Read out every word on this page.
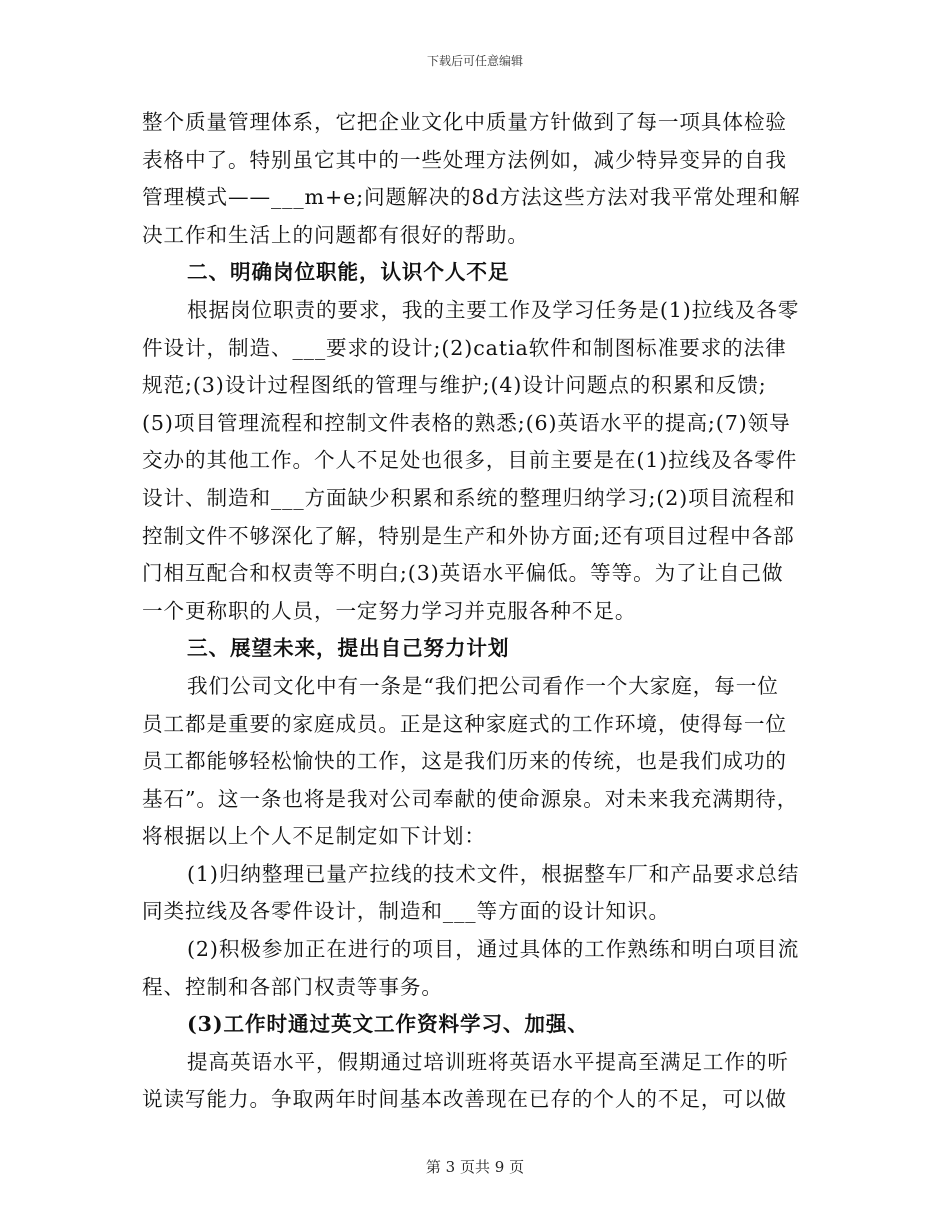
下载后可任意编辑
整个质量管理体系，它把企业文化中质量方针做到了每一项具体检验
表格中了。特别虽它其中的一些处理方法例如，减少特异变异的自我
管理模式——___m+e;问题解决的8d方法这些方法对我平常处理和解
决工作和生活上的问题都有很好的帮助。
二、明确岗位职能，认识个人不足
根据岗位职责的要求，我的主要工作及学习任务是(1)拉线及各零
件设计，制造、___要求的设计;(2)catia软件和制图标准要求的法律
规范;(3)设计过程图纸的管理与维护;(4)设计问题点的积累和反馈;
(5)项目管理流程和控制文件表格的熟悉;(6)英语水平的提高;(7)领导
交办的其他工作。个人不足处也很多，目前主要是在(1)拉线及各零件
设计、制造和___方面缺少积累和系统的整理归纳学习;(2)项目流程和
控制文件不够深化了解，特别是生产和外协方面;还有项目过程中各部
门相互配合和权责等不明白;(3)英语水平偏低。等等。为了让自己做
一个更称职的人员，一定努力学习并克服各种不足。
三、展望未来，提出自己努力计划
我们公司文化中有一条是“我们把公司看作一个大家庭，每一位
员工都是重要的家庭成员。正是这种家庭式的工作环境，使得每一位
员工都能够轻松愉快的工作，这是我们历来的传统，也是我们成功的
基石”。这一条也将是我对公司奉献的使命源泉。对未来我充满期待，
将根据以上个人不足制定如下计划：
(1)归纳整理已量产拉线的技术文件，根据整车厂和产品要求总结
同类拉线及各零件设计，制造和___等方面的设计知识。
(2)积极参加正在进行的项目，通过具体的工作熟练和明白项目流
程、控制和各部门权责等事务。
(3)工作时通过英文工作资料学习、加强、
提高英语水平，假期通过培训班将英语水平提高至满足工作的听
说读写能力。争取两年时间基本改善现在已存的个人的不足，可以做
第 3 页共 9 页
